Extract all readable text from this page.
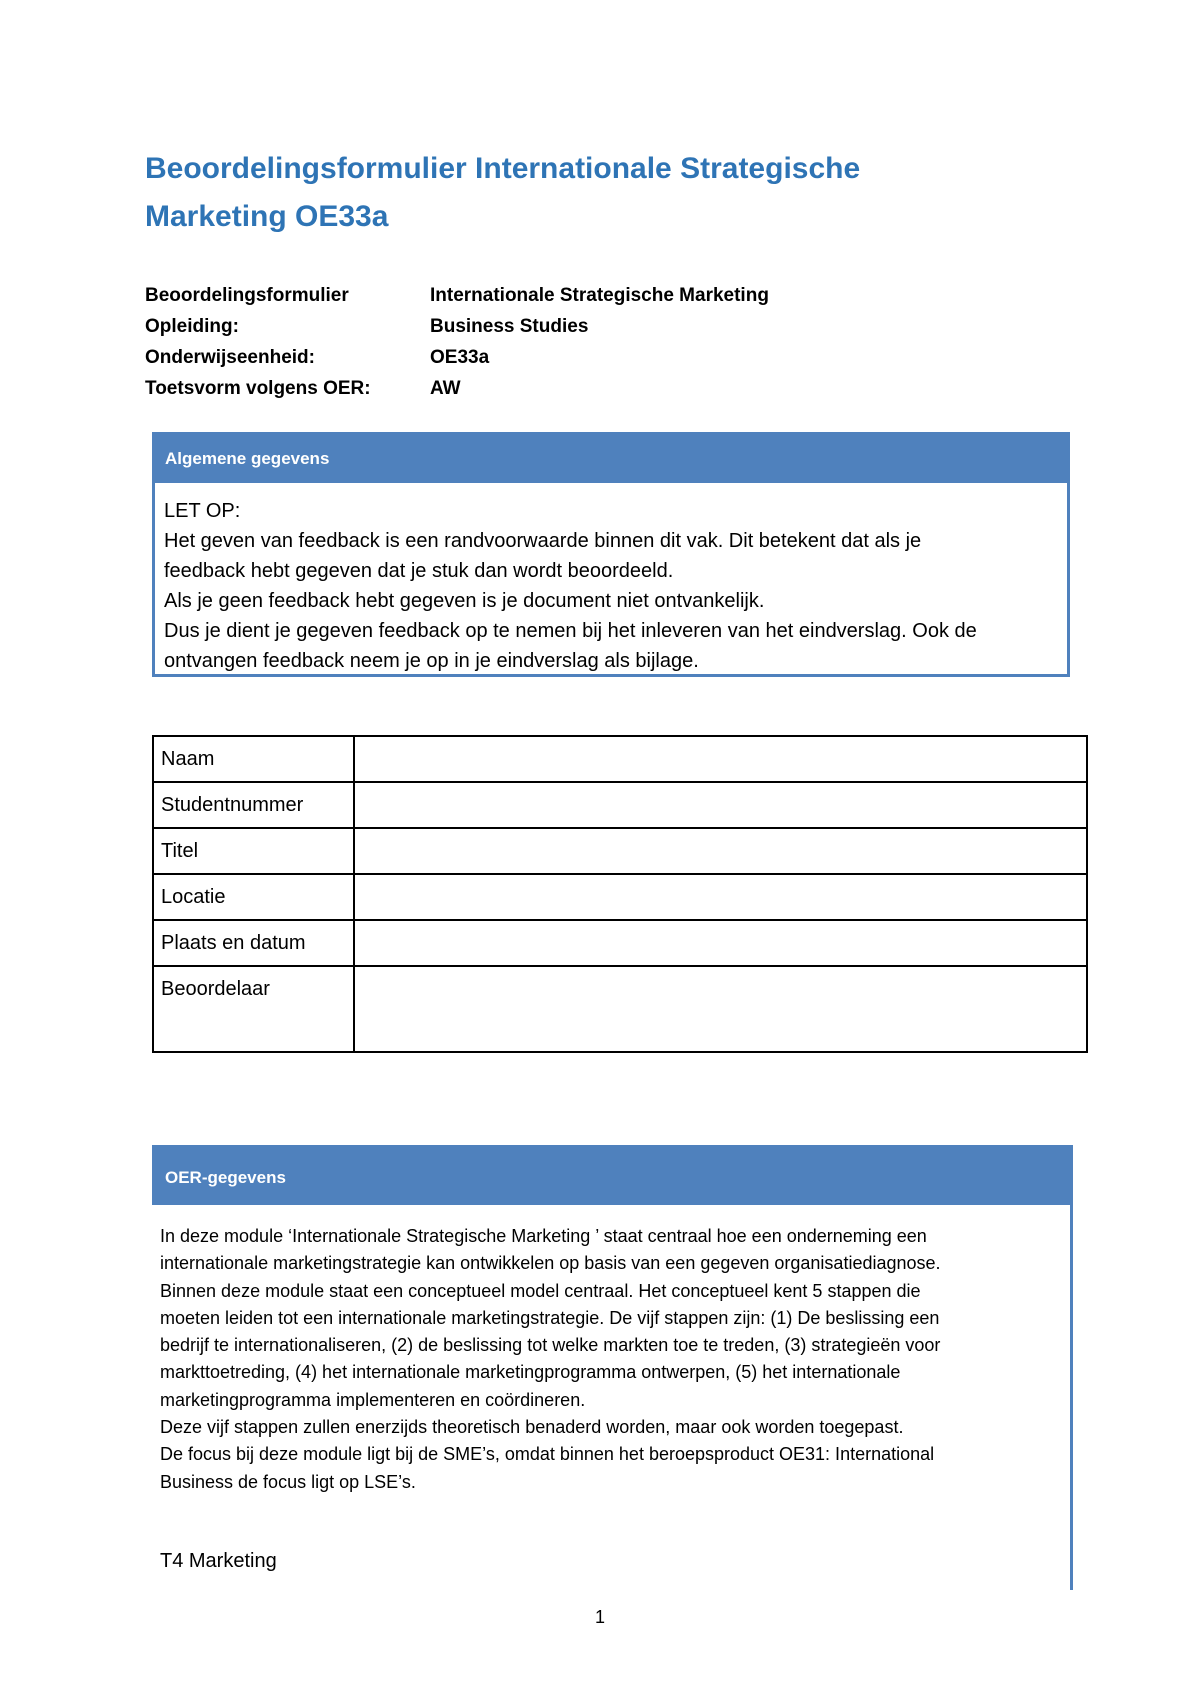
Beoordelingsformulier Internationale Strategische
Marketing OE33a
Beoordelingsformulier	Internationale Strategische Marketing
Opleiding:	Business Studies
Onderwijseenheid:	OE33a
Toetsvorm volgens OER:	AW
Algemene gegevens
LET OP:
Het geven van feedback is een randvoorwaarde binnen dit vak. Dit betekent dat als je
feedback hebt gegeven dat je stuk dan wordt beoordeeld.
Als je geen feedback hebt gegeven is je document niet ontvankelijk.
Dus je dient je gegeven feedback op te nemen bij het inleveren van het eindverslag. Ook de
ontvangen feedback neem je op in je eindverslag als bijlage.
Naam	
Studentnummer	
Titel	
Locatie	
Plaats en datum	
Beoordelaar	
OER-gegevens
In deze module ‘Internationale Strategische Marketing ’ staat centraal hoe een onderneming een
internationale marketingstrategie kan ontwikkelen op basis van een gegeven organisatiediagnose.
Binnen deze module staat een conceptueel model centraal. Het conceptueel kent 5 stappen die
moeten leiden tot een internationale marketingstrategie. De vijf stappen zijn: (1) De beslissing een
bedrijf te internationaliseren, (2) de beslissing tot welke markten toe te treden, (3) strategieën voor
markttoetreding, (4) het internationale marketingprogramma ontwerpen, (5) het internationale
marketingprogramma implementeren en coördineren.
Deze vijf stappen zullen enerzijds theoretisch benaderd worden, maar ook worden toegepast.
De focus bij deze module ligt bij de SME’s, omdat binnen het beroepsproduct OE31: International
Business de focus ligt op LSE’s.
T4 Marketing
1
